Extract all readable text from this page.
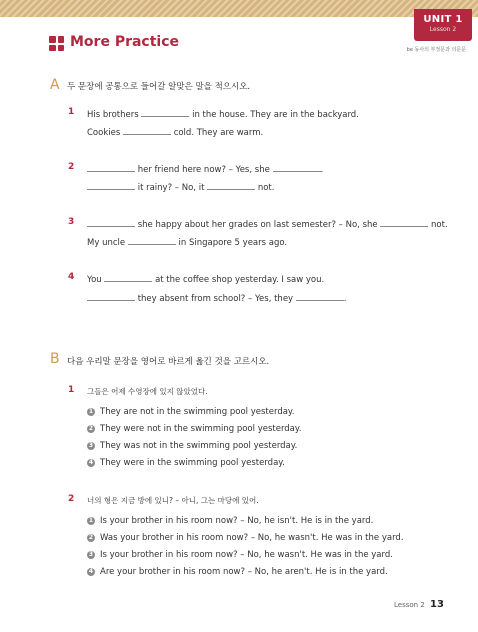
UNIT 1
Lesson 2
be 동사의 부정문과 의문문
More Practice
A 두 문장에 공통으로 들어갈 알맞은 말을 적으시오.
1 His brothers	in the house. They are in the backyard.
Cookies	cold. They are warm.
2	her friend here now? – Yes, she	.
it rainy? – No, it	not.
3	she happy about her grades on last semester? – No, she	not.
My uncle	in Singapore 5 years ago.
4 You	at the coffee shop yesterday. I saw you.
they absent from school? – Yes, they	.
B 다음 우리말 문장을 영어로 바르게 옮긴 것을 고르시오.
1 그들은 어제 수영장에 있지 않았었다.
1 They are not in the swimming pool yesterday.
2 They were not in the swimming pool yesterday.
3 They was not in the swimming pool yesterday.
4 They were in the swimming pool yesterday.
2 너의 형은 지금 방에 있니? – 아니, 그는 마당에 있어.
1 Is your brother in his room now? – No, he isn't. He is in the yard.
2 Was your brother in his room now? – No, he wasn't. He was in the yard.
3 Is your brother in his room now? – No, he wasn't. He was in the yard.
4 Are your brother in his room now? – No, he aren't. He is in the yard.
Lesson 2 13
